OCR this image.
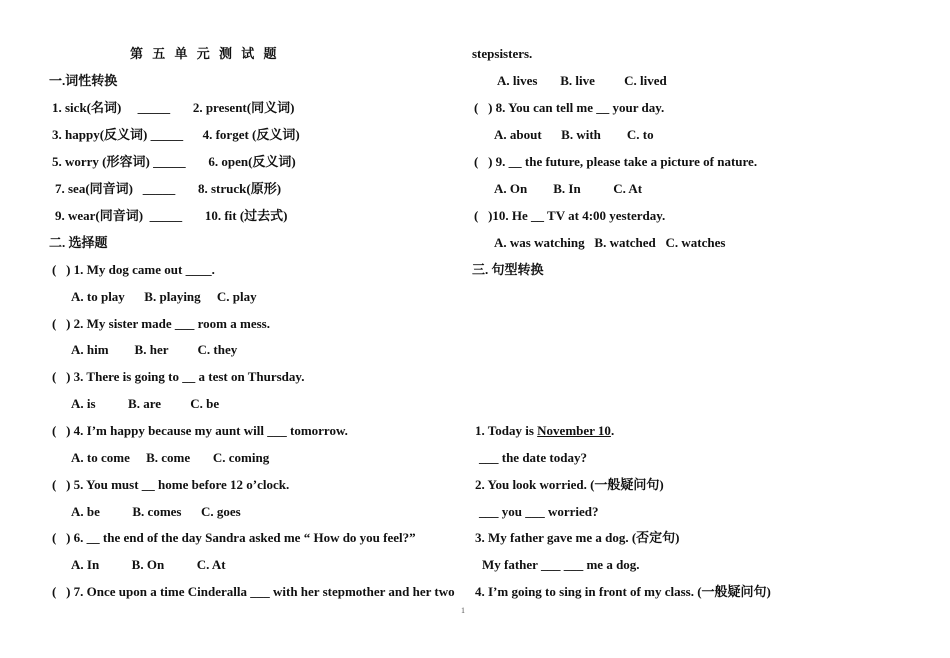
第 五 单 元 测 试 题
一.词性转换
1. sick(名词)     _____       2. present(同义词)
3. happy(反义词) _____      4. forget (反义词)
5. worry (形容词) _____       6. open(反义词)
7. sea(同音词)   _____       8. struck(原形)
9. wear(同音词)  _____       10. fit (过去式)
二. 选择题
(   ) 1. My dog came out ____.
A. to play      B. playing     C. play
(   ) 2. My sister made ___ room a mess.
A. him        B. her         C. they
(   ) 3. There is going to __ a test on Thursday.
A. is          B. are         C. be
(   ) 4. I’m happy because my aunt will ___ tomorrow.
A. to come     B. come       C. coming
(   ) 5. You must __ home before 12 o’clock.
A. be          B. comes      C. goes
(   ) 6. __ the end of the day Sandra asked me “ How do you feel?”
A. In          B. On          C. At
(   ) 7. Once upon a time Cinderalla ___ with her stepmother and her two
stepsisters.
A. lives       B. live         C. lived
(   ) 8. You can tell me __ your day.
A. about      B. with        C. to
(   ) 9. __ the future, please take a picture of nature.
A. On        B. In          C. At
(   )10. He __ TV at 4:00 yesterday.
A. was watching   B. watched   C. watches
三. 句型转换
1. Today is November 10.
___ the date today?
2. You look worried. (一般疑问句)
___ you ___ worried?
3. My father gave me a dog. (否定句)
My father ___ ___ me a dog.
4. I’m going to sing in front of my class. (一般疑问句)
1
